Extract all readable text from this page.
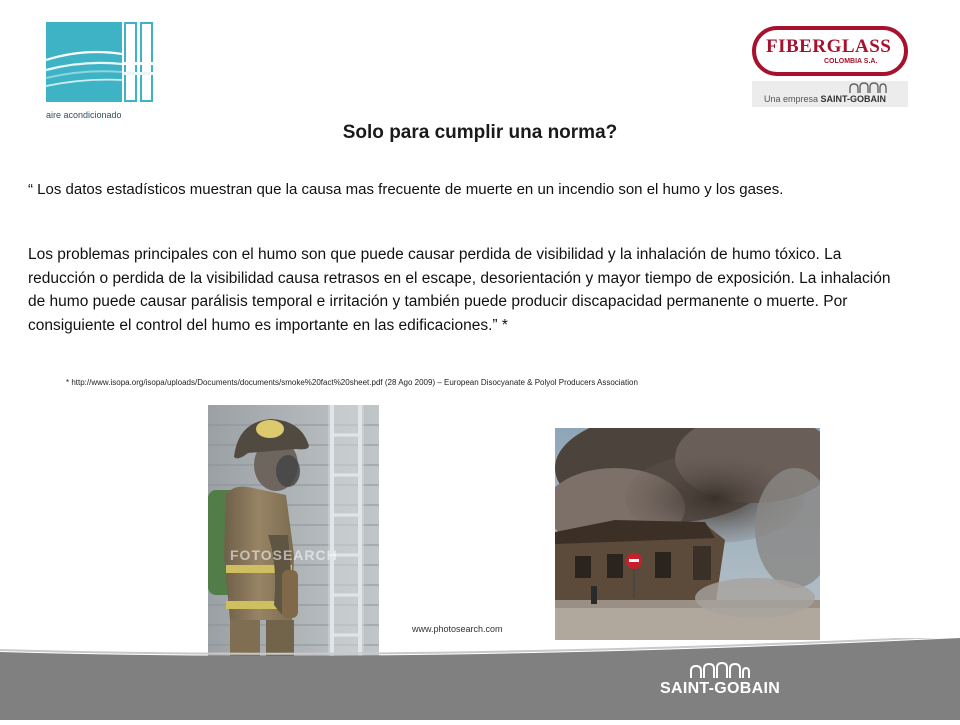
aire acondicionado
FIBERGLASS
COLOMBIA S.A.
Una empresa SAINT-GOBAIN
Solo para cumplir una norma?
“ Los datos estadísticos muestran que la causa mas frecuente de muerte en un incendio son el humo y los gases.
Los problemas principales con el humo son que puede causar perdida de visibilidad y la inhalación de humo tóxico. La reducción o perdida de la visibilidad causa retrasos en el escape, desorientación y mayor tiempo de exposición. La inhalación de humo puede causar parálisis temporal e irritación y también puede producir discapacidad permanente o muerte. Por consiguiente el control del humo es importante en las edificaciones.” *
* http://www.isopa.org/isopa/uploads/Documents/documents/smoke%20fact%20sheet.pdf (28 Ago 2009) – European Disocyanate & Polyol Producers Association
FOTOSEARCH
www.photosearch.com
SAINT-GOBAIN
